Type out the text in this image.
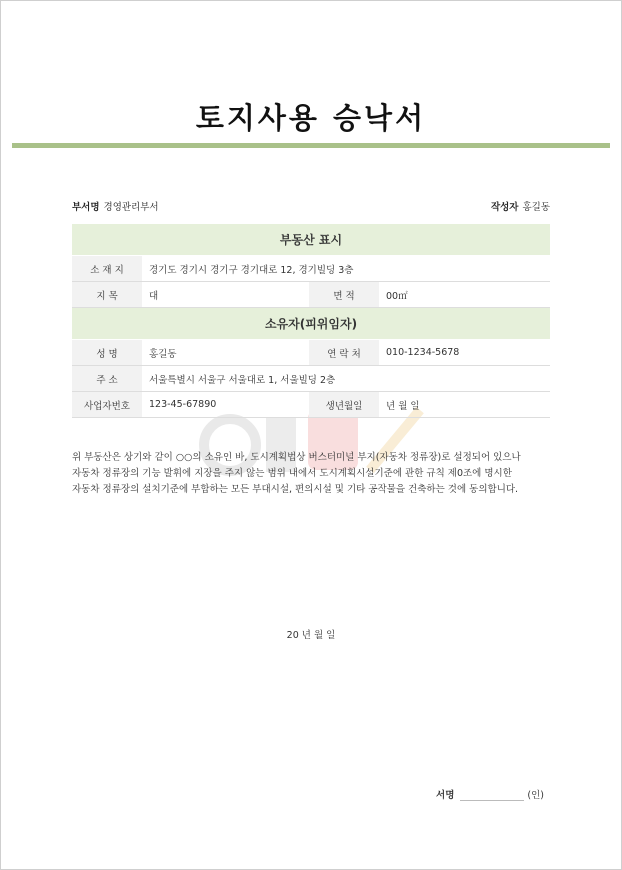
토지사용 승낙서
부서명 경영관리부서	작성자 홍길동
부동산 표시			
소 재 지	경기도 경기시 경기구 경기대로 12, 경기빌딩 3층		
지 목	대	면 적	00㎡
소유자(피위임자)			
성 명	홍길동	연 락 처	010-1234-5678
주 소	서울특별시 서울구 서울대로 1, 서울빌딩 2층		
사업자번호	123-45-67890	생년월일	년 월 일

위 부동산은 상기와 같이 ○○의 소유인 바, 도시계획법상 버스터미널 부지(자동차 정류장)로 설정되어 있으나

자동차 정류장의 기능 발휘에 지장을 주지 않는 범위 내에서 도시계획시설기준에 관한 규칙 제0조에 명시한

자동차 정류장의 설치기준에 부합하는 모든 부대시설, 편의시설 및 기타 공작물을 건축하는 것에 동의합니다.

20 년 월 일
서명	(인)
